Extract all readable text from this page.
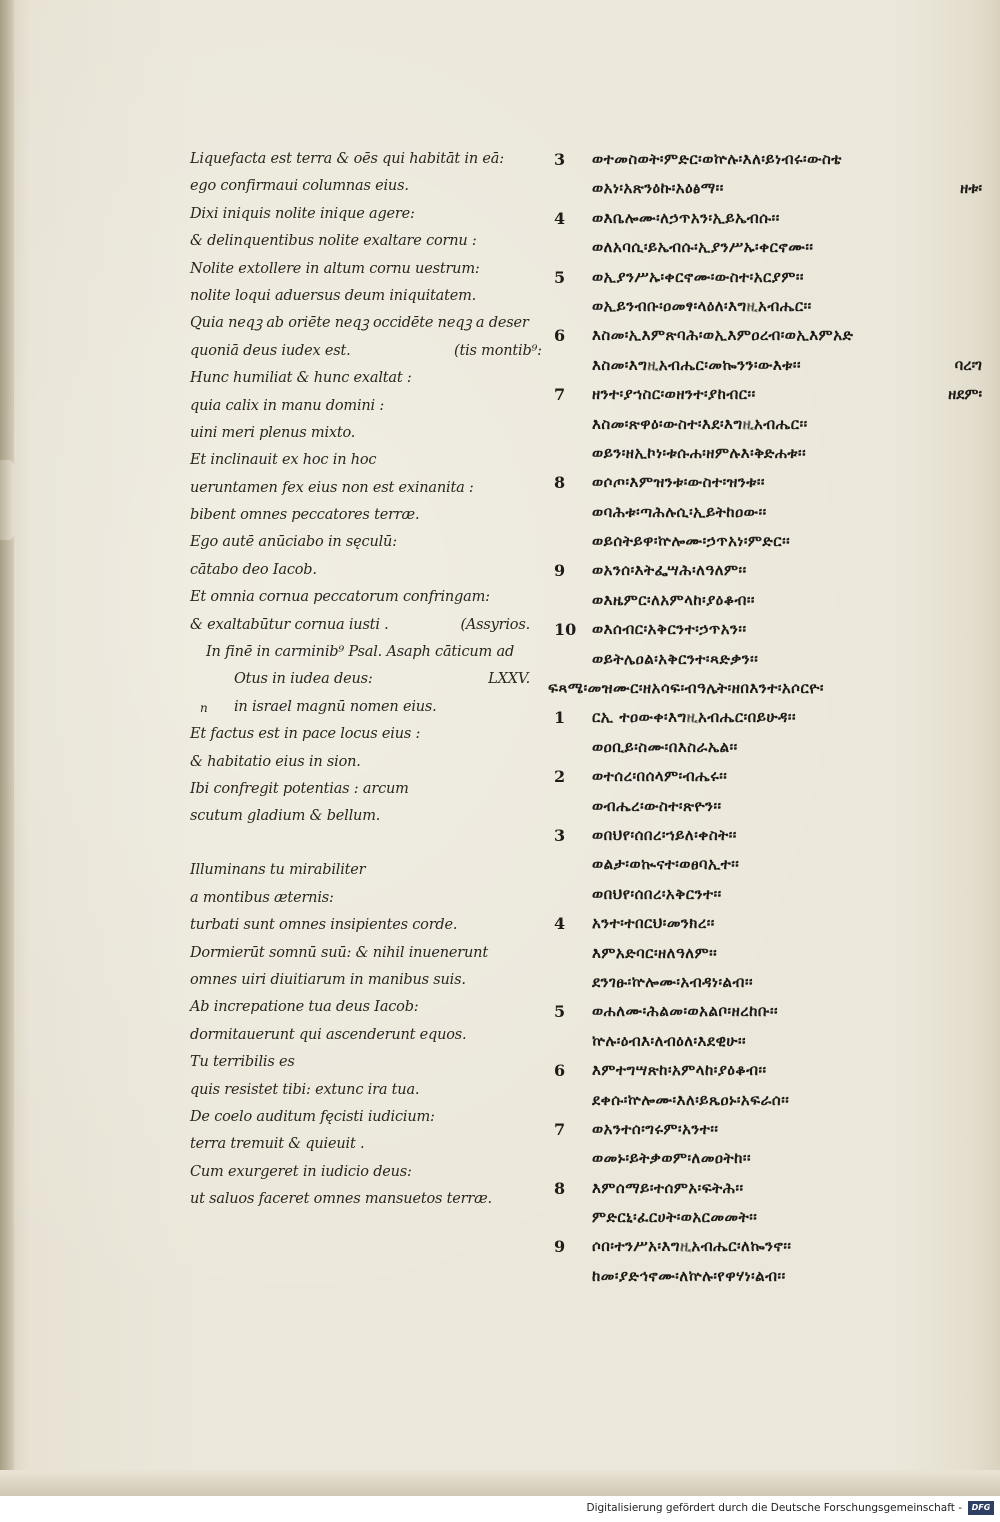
Liquefacta est terra & oēs qui habitāt in eā:
ego confirmaui columnas eius.
Dixi iniquis nolite inique agere:
& delinquentibus nolite exaltare cornu :
Nolite extollere in altum cornu uestrum:
nolite loqui aduersus deum iniquitatem.
Quia neqꝫ ab oriēte neqꝫ occidēte neqꝫ a deser
quoniā deus iudex est.	(tis montib⁹:
Hunc humiliat & hunc exaltat :
quia calix in manu domini :
uini meri plenus mixto.
Et inclinauit ex hoc in hoc
ueruntamen fex eius non est exinanita :
bibent omnes peccatores terræ.
Ego autē anūciabo in sęculū:
cātabo deo Iacob.
Et omnia cornua peccatorum confringam:
& exaltabūtur cornua iusti .	(Assyrios.
In finē in carminib⁹ Psal. Asaph cāticum ad
Otus in iudea deus:	LXXV.
n in israel magnū nomen eius.
Et factus est in pace locus eius :
& habitatio eius in sion.
Ibi confregit potentias : arcum
scutum gladium & bellum.
Illuminans tu mirabiliter
a montibus æternis:
turbati sunt omnes insipientes corde.
Dormierūt somnū suū: & nihil inuenerunt
omnes uiri diuitiarum in manibus suis.
Ab increpatione tua deus Iacob:
dormitauerunt qui ascenderunt equos.
Tu terribilis es
quis resistet tibi: extunc ira tua.
De coelo auditum fęcisti iudicium:
terra tremuit & quieuit .
Cum exurgeret in iudicio deus:
ut saluos faceret omnes mansuetos terræ.
3	ወተመስወት፡ምድር፡ወኵሉ፡እለ፡ይነብሩ፡ውስቴ
ወአነ፡አጽንዕኩ፡አዕፅማ፡፡	ዘቱ፡
4	ወእቤሎሙ፡ለኃጥአን፡ኢይኤብሱ፡፡
ወለአባሲ፡ይኤብሱ፡ኢያንሥኡ፡ቀርኖሙ፡፡
5	ወኢያንሥኡ፡ቀርኖሙ፡ውስተ፡አርያም፡፡
ወኢይንብቡ፡ዐመፃ፡ላዕለ፡እግዚአብሔር፡፡
6	እስመ፡ኢእምጽባሕ፡ወኢእምዐረብ፡ወኢእምአድ
እስመ፡እግዚአብሔር፡መኰንን፡ውእቱ፡፡	ባረ፡ገ
7	ዘንተ፡ያኀስር፡ወዘንተ፡ያከብር፡፡	ዘደም፡
እስመ፡ጽዋዕ፡ውስተ፡እደ፡እግዚአብሔር፡፡
ወይን፡ዘኢኮነ፡ቱሱሐ፡ዘምሉእ፡ቅድሐቱ፡፡
8	ወሶጦ፡እምዝንቱ፡ውስተ፡ዝንቱ፡፡
ወባሕቱ፡ጣሕሉሲ፡ኢይትከዐው፡፡
ወይሰትይዋ፡ኵሎሙ፡ኃጥአነ፡ምድር፡፡
9	ወአንሰ፡እትፌሣሕ፡ለዓለም፡፡
ወእዜምር፡ለአምላከ፡ያዕቆብ፡፡
10	ወእሰብር፡አቅርንተ፡ኃጥአን፡፡
ወይትሌዐል፡አቅርንተ፡ጻድቃን፡፡
ፍጻሜ፡መዝሙር፡ዘአሳፍ፡ብዓሌት፡ዘበእንተ፡አሶርዮ፡
1	ርኢ ተዐውቀ፡እግዚአብሔር፡በይሁዳ፡፡
ወዐቢይ፡ስሙ፡በእስራኤል፡፡
2	ወተሰረ፡በሰላም፡ብሔሩ፡፡
ወብሔረ፡ውስተ፡ጽዮን፡፡
3	ወበህየ፡ሰበረ፡ኀይለ፡ቀስት፡፡
ወልታ፡ወኲናተ፡ወፀባኢተ፡፡
ወበህየ፡ሰበረ፡አቅርንተ፡፡
4	አንተ፡ተበርህ፡መንክረ፡፡
እምአድባር፡ዘለዓለም፡፡
ደንገፁ፡ኵሎሙ፡አብዳነ፡ልብ፡፡
5	ወሐለሙ፡ሕልመ፡ወአልቦ፡ዘረከቡ፡፡
ኵሉ፡ዕብእ፡ለብዕለ፡እደዊሁ፡፡
6	እምተግሣጽከ፡አምላከ፡ያዕቆብ፡፡
ደቀሱ፡ኵሎሙ፡እለ፡ይጼዐኑ፡አፍራሰ፡፡
7	ወአንተሰ፡ግሩም፡አንተ፡፡
ወመኑ፡ይትቃወም፡ለመዐትከ፡፡
8	እምሰማይ፡ተሰምአ፡ፍትሕ፡፡
ምድርኒ፡ፈርሀት፡ወአርመመት፡፡
9	ሶበ፡ተንሥአ፡እግዚአብሔር፡ለኰንኖ፡፡
ከመ፡ያድኅኖሙ፡ለኵሉ፡የዋሃነ፡ልብ፡፡
Digitalisierung gefördert durch die Deutsche Forschungsgemeinschaft -	DFG
